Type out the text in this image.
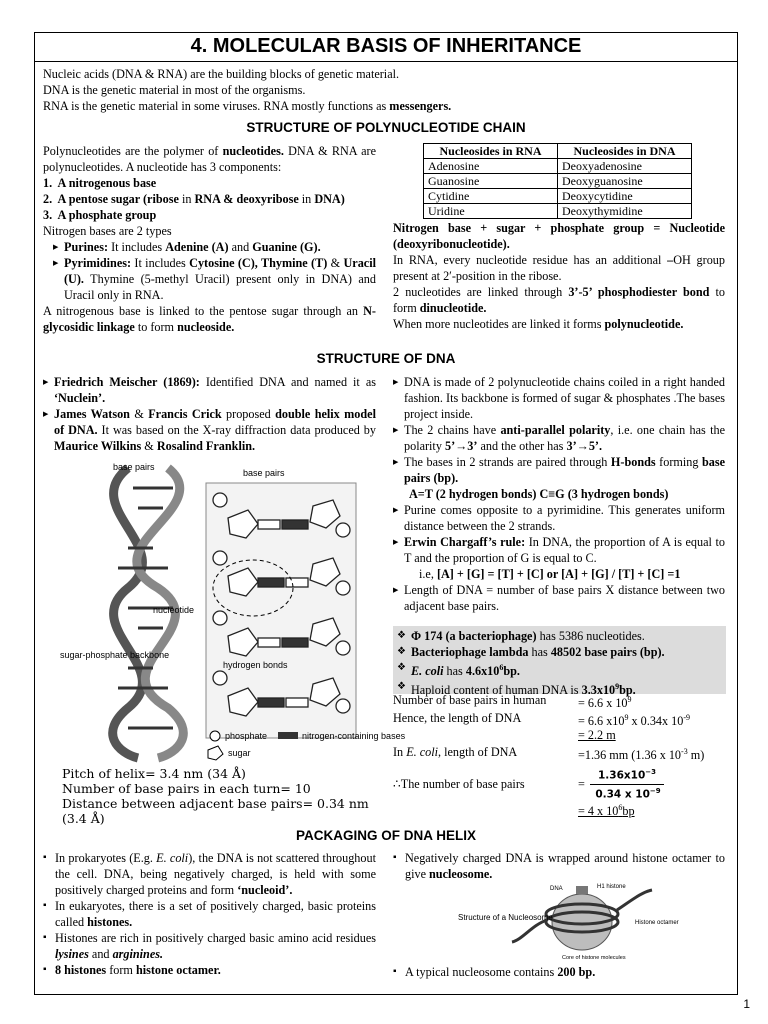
4. MOLECULAR BASIS OF INHERITANCE

Nucleic acids (DNA & RNA) are the building blocks of genetic material.

DNA is the genetic material in most of the organisms.

RNA is the genetic material in some viruses. RNA mostly functions as messengers.

STRUCTURE OF POLYNUCLEOTIDE CHAIN

Polynucleotides are the polymer of nucleotides. DNA & RNA are polynucleotides. A nucleotide has 3 components:

1.  A nitrogenous base

2.  A pentose sugar (ribose in RNA & deoxyribose in DNA)

3.  A phosphate group

Nitrogen bases are 2 types

▶ Purines: It includes Adenine (A) and Guanine (G).
▶ Pyrimidines: It includes Cytosine (C), Thymine (T) & Uracil (U). Thymine (5-methyl Uracil) present only in DNA) and Uracil only in RNA.

A nitrogenous base is linked to the pentose sugar through an N-glycosidic linkage to form nucleoside.

Nucleosides in RNA	Nucleosides in DNA
Adenosine	Deoxyadenosine
Guanosine	Deoxyguanosine
Cytidine	Deoxycytidine
Uridine	Deoxythymidine

Nitrogen base + sugar + phosphate group = Nucleotide (deoxyribonucleotide).

In RNA, every nucleotide residue has an additional –OH group present at 2′-position in the ribose.

2 nucleotides are linked through 3’-5’ phosphodiester bond to form dinucleotide.

When more nucleotides are linked it forms polynucleotide.

STRUCTURE OF DNA
▶ Friedrich Meischer (1869): Identified DNA and named it as ‘Nuclein’.
▶ James Watson & Francis Crick proposed double helix model of DNA. It was based on the X-ray diffraction data produced by Maurice Wilkins & Rosalind Franklin.
base pairs
base pairs
nucleotide
sugar-phosphate backbone
hydrogen bonds
phosphate
sugar
nitrogen-containing bases

Pitch of helix= 3.4 nm (34 Å)

Number of base pairs in each turn= 10

Distance between adjacent base pairs= 0.34 nm (3.4 Å)

▶ DNA is made of 2 polynucleotide chains coiled in a right handed fashion. Its backbone is formed of sugar & phosphates .The bases project inside.
▶ The 2 chains have anti-parallel polarity, i.e. one chain has the polarity 5’→3’ and the other has 3’→5’.
▶ The bases in 2 strands are paired through H-bonds forming base pairs (bp).

A=T (2 hydrogen bonds) C≡G (3 hydrogen bonds)

▶ Purine comes opposite to a pyrimidine. This generates uniform distance between the 2 strands.
▶ Erwin Chargaff’s rule: In DNA, the proportion of A is equal to T and the proportion of G is equal to C.

i.e, [A] + [G] = [T] + [C] or [A] + [G] / [T] + [C] =1

▶ Length of DNA = number of base pairs X distance between two adjacent base pairs.
❖ Φ 174 (a bacteriophage) has 5386 nucleotides.
❖ Bacteriophage lambda has 48502 base pairs (bp).
❖ E. coli has $4.6x10^6bp$.
❖ Haploid content of human DNA is $3.3x10^9bp$.
Number of base pairs in human	= 6.6 x $10^9$
Hence, the length of DNA	= 6.6 $x10^9$ x 0.34x $10^{-9}$
= 2.2 m
In E. coli, length of DNA	=1.36 mm (1.36 x $10^{-3}$ m)
∴The number of base pairs	=
$1.36x10^{-3}$
0.34 x $10^{-9}$
= 4 x $10^6bp$
PACKAGING OF DNA HELIX
▪ In prokaryotes (E.g. E. coli), the DNA is not scattered throughout the cell. DNA, being negatively charged, is held with some positively charged proteins and form ‘nucleoid’.
▪ In eukaryotes, there is a set of positively charged, basic proteins called histones.
▪ Histones are rich in positively charged basic amino acid residues lysines and arginines.
▪ 8 histones form histone octamer.
▪ Negatively charged DNA is wrapped around histone octamer to give nucleosome.
DNA	H1 histone
Histone octamer
Core of histone molecules
Structure of a Nucleosome
▪ A typical nucleosome contains 200 bp.
1
